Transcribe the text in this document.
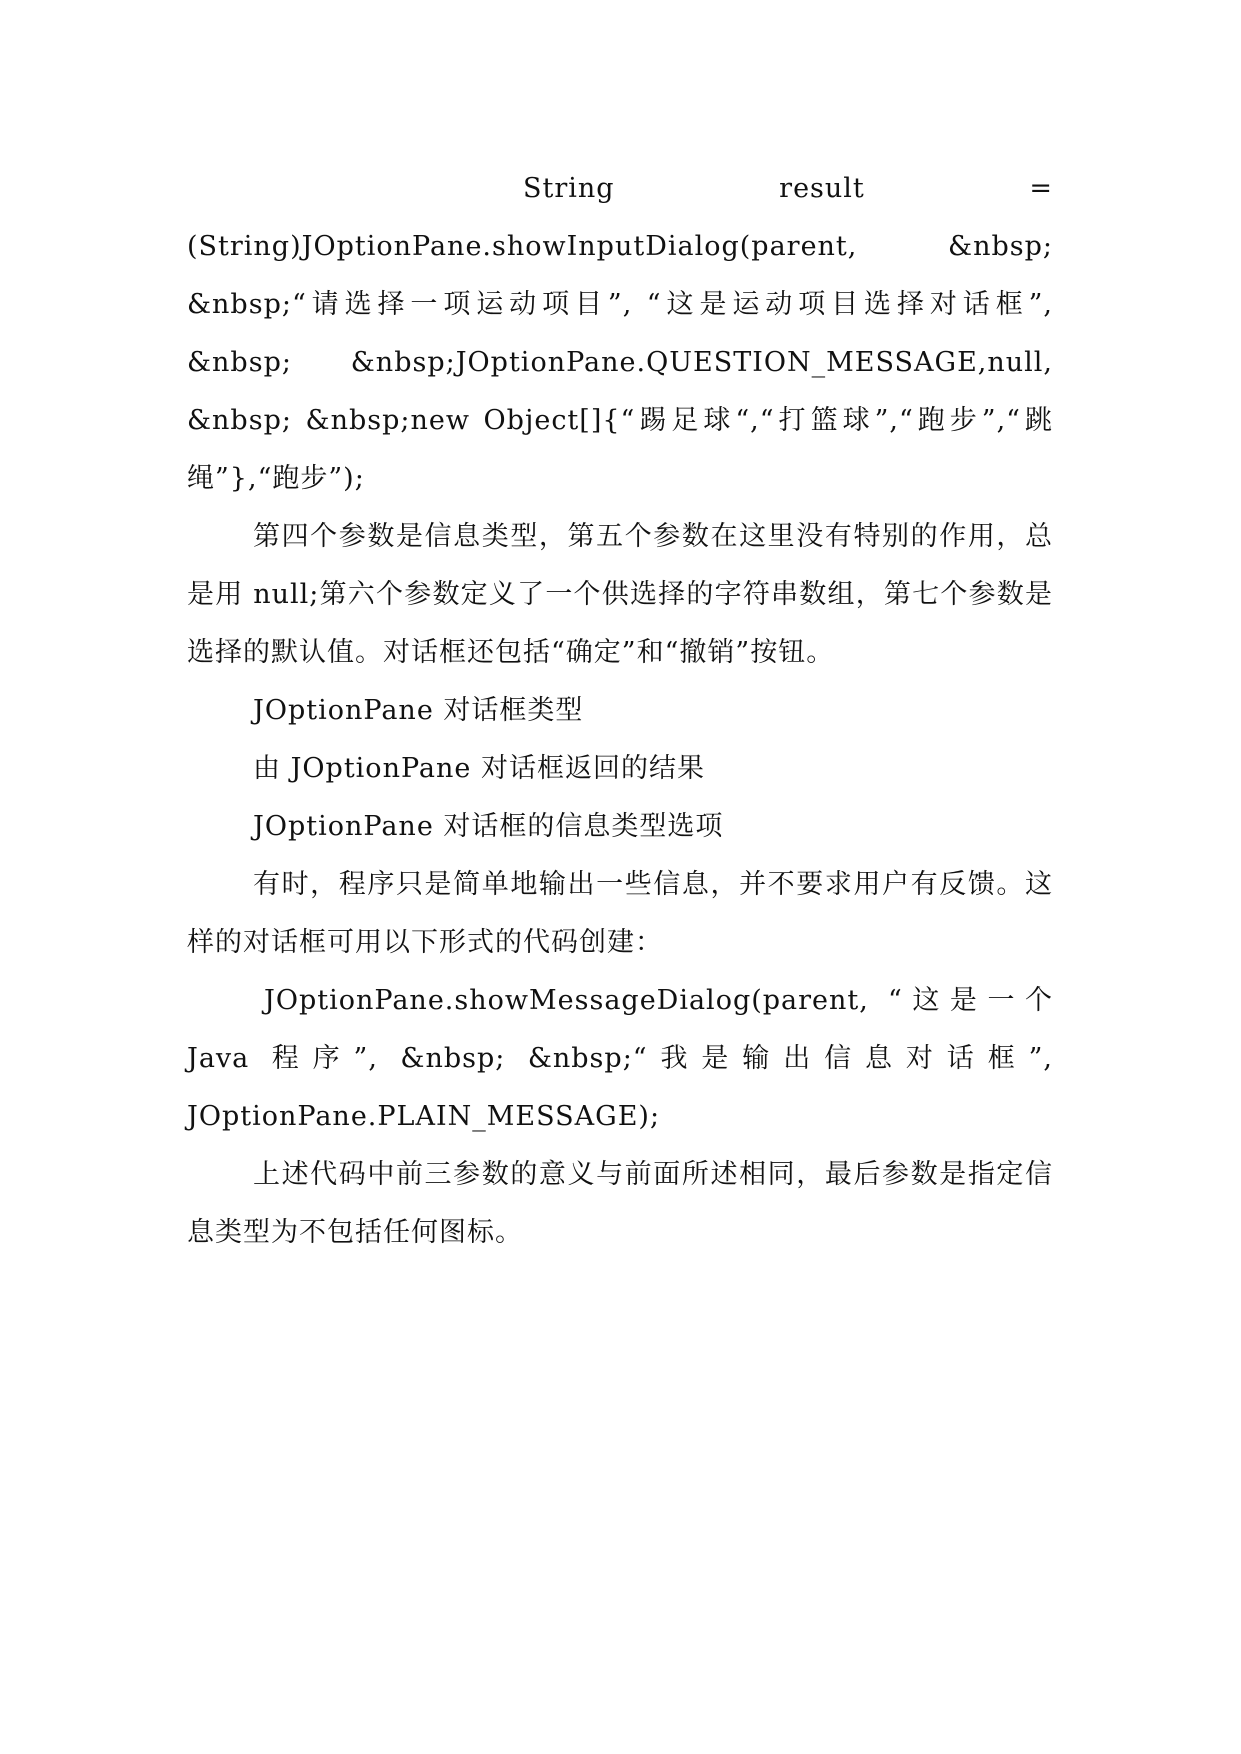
String	result	=

(String)JOptionPane.showInputDialog(parent, &nbsp; &nbsp;“请选择一项运动项目”, “这是运动项目选择对话框”, &nbsp; &nbsp;JOptionPane.QUESTION_MESSAGE,null, &nbsp; &nbsp;new Object[]{“踢足球“,“打篮球”,“跑步”,“跳绳”},“跑步”);

第四个参数是信息类型，第五个参数在这里没有特别的作用，总是用 null;第六个参数定义了一个供选择的字符串数组，第七个参数是选择的默认值。对话框还包括“确定”和“撤销”按钮。

JOptionPane 对话框类型

由 JOptionPane 对话框返回的结果

JOptionPane 对话框的信息类型选项

有时，程序只是简单地输出一些信息，并不要求用户有反馈。这样的对话框可用以下形式的代码创建：

JOptionPane.showMessageDialog(parent, “这是一个 Java 程序”, &nbsp; &nbsp;“我是输出信息对话框”, JOptionPane.PLAIN_MESSAGE);

上述代码中前三参数的意义与前面所述相同，最后参数是指定信息类型为不包括任何图标。
